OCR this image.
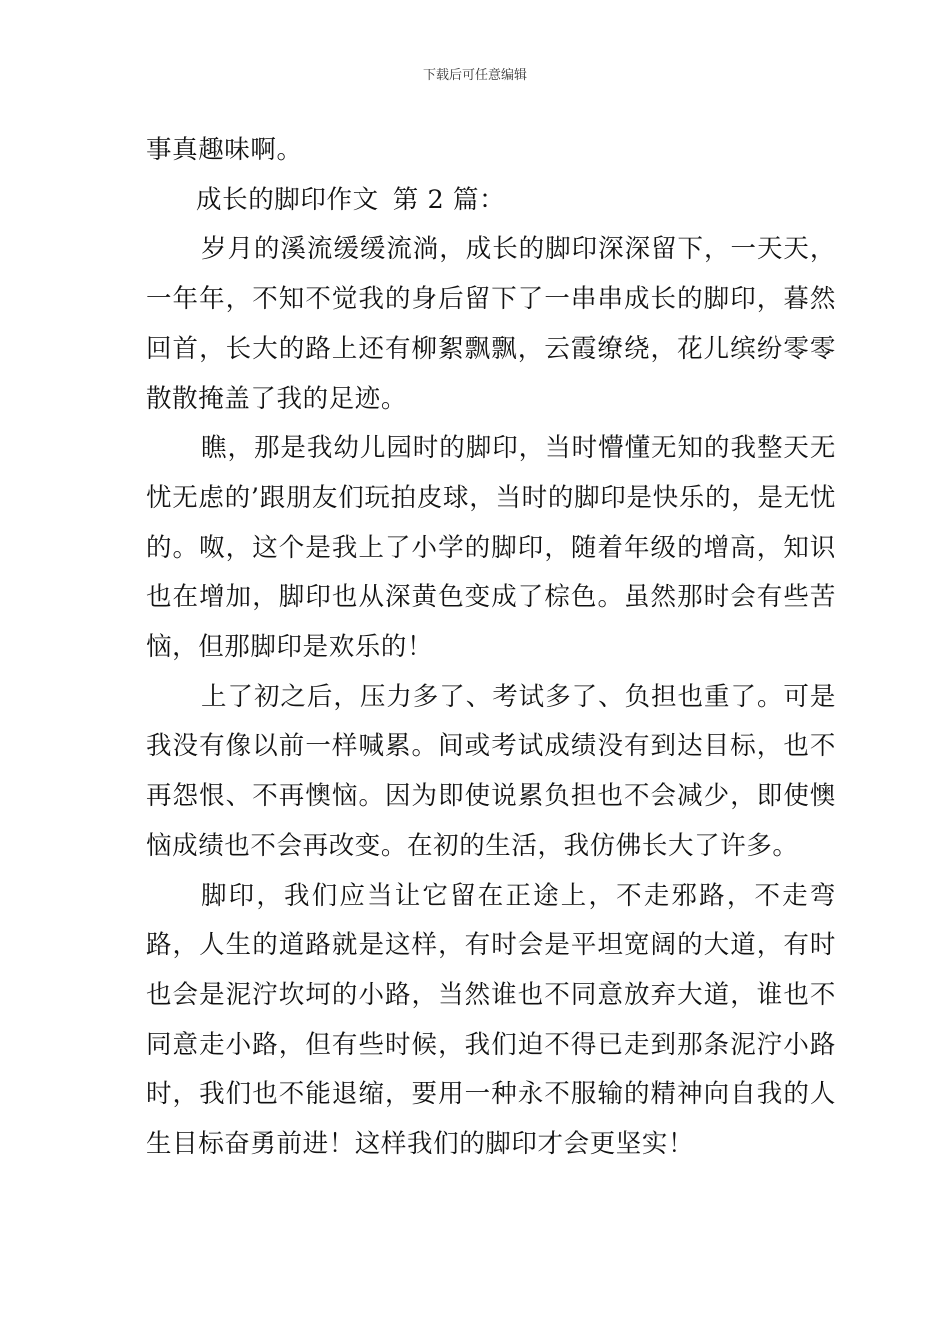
下载后可任意编辑

事真趣味啊。

成长的脚印作文 第 2 篇：

岁月的溪流缓缓流淌，成长的脚印深深留下，一天天，一年年，不知不觉我的身后留下了一串串成长的脚印，暮然回首，长大的路上还有柳絮飘飘，云霞缭绕，花儿缤纷零零散散掩盖了我的足迹。

瞧，那是我幼儿园时的脚印，当时懵懂无知的我整天无忧无虑的’跟朋友们玩拍皮球，当时的脚印是快乐的，是无忧的。呶，这个是我上了小学的脚印，随着年级的增高，知识也在增加，脚印也从深黄色变成了棕色。虽然那时会有些苦恼，但那脚印是欢乐的！

上了初之后，压力多了、考试多了、负担也重了。可是我没有像以前一样喊累。间或考试成绩没有到达目标，也不再怨恨、不再懊恼。因为即使说累负担也不会减少，即使懊恼成绩也不会再改变。在初的生活，我仿佛长大了许多。

脚印，我们应当让它留在正途上，不走邪路，不走弯路，人生的道路就是这样，有时会是平坦宽阔的大道，有时也会是泥泞坎坷的小路，当然谁也不同意放弃大道，谁也不同意走小路，但有些时候，我们迫不得已走到那条泥泞小路时，我们也不能退缩，要用一种永不服输的精神向自我的人生目标奋勇前进！这样我们的脚印才会更坚实！
